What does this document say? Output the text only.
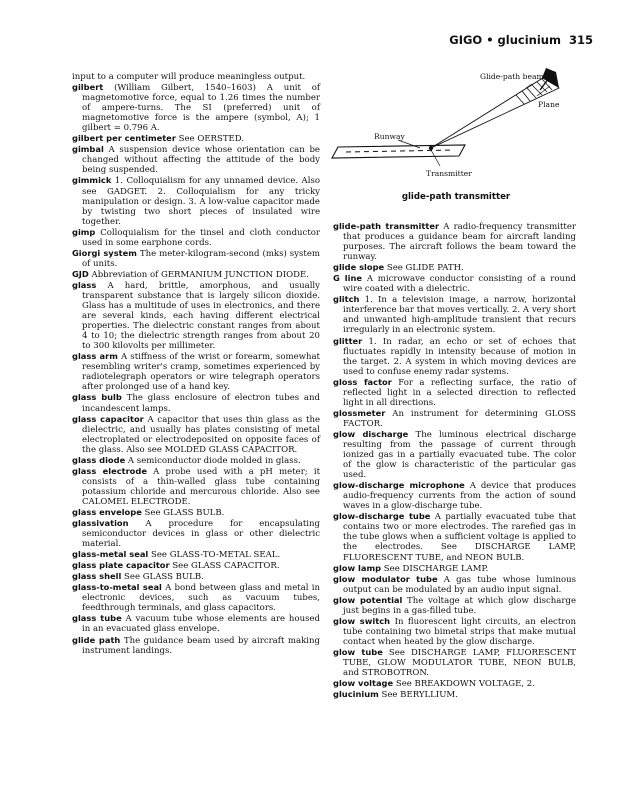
GIGO • glucinium 315
Glide-path beam
Plane
Runway
Transmitter
glide-path transmitter

input to a computer will produce meaningless output.

gilbert (William Gilbert, 1540–1603) A unit of magnetomotive force, equal to 1.26 times the number of ampere-turns. The SI (preferred) unit of magnetomotive force is the ampere (symbol, A); 1 gilbert = 0.796 A.

gilbert per centimeter See OERSTED.

gimbal A suspension device whose orientation can be changed without affecting the attitude of the body being suspended.

gimmick 1. Colloquialism for any unnamed device. Also see GADGET. 2. Colloquialism for any tricky manipulation or design. 3. A low-value capacitor made by twisting two short pieces of insulated wire together.

gimp Colloquialism for the tinsel and cloth conductor used in some earphone cords.

Giorgi system The meter-kilogram-second (mks) system of units.

GJD Abbreviation of GERMANIUM JUNCTION DIODE.

glass A hard, brittle, amorphous, and usually transparent substance that is largely silicon dioxide. Glass has a multitude of uses in electronics, and there are several kinds, each having different electrical properties. The dielectric constant ranges from about 4 to 10; the dielectric strength ranges from about 20 to 300 kilovolts per millimeter.

glass arm A stiffness of the wrist or forearm, somewhat resembling writer's cramp, sometimes experienced by radiotelegraph operators or wire telegraph operators after prolonged use of a hand key.

glass bulb The glass enclosure of electron tubes and incandescent lamps.

glass capacitor A capacitor that uses thin glass as the dielectric, and usually has plates consisting of metal electroplated or electrodeposited on opposite faces of the glass. Also see MOLDED GLASS CAPACITOR.

glass diode A semiconductor diode molded in glass.

glass electrode A probe used with a pH meter; it consists of a thin-walled glass tube containing potassium chloride and mercurous chloride. Also see CALOMEL ELECTRODE.

glass envelope See GLASS BULB.

glassivation A procedure for encapsulating semiconductor devices in glass or other dielectric material.

glass-metal seal See GLASS-TO-METAL SEAL.

glass plate capacitor See GLASS CAPACITOR.

glass shell See GLASS BULB.

glass-to-metal seal A bond between glass and metal in electronic devices, such as vacuum tubes, feedthrough terminals, and glass capacitors.

glass tube A vacuum tube whose elements are housed in an evacuated glass envelope.

glide path The guidance beam used by aircraft making instrument landings.

glide-path transmitter A radio-frequency transmitter that produces a guidance beam for aircraft landing purposes. The aircraft follows the beam toward the runway.

glide slope See GLIDE PATH.

G line A microwave conductor consisting of a round wire coated with a dielectric.

glitch 1. In a television image, a narrow, horizontal interference bar that moves vertically. 2. A very short and unwanted high-amplitude transient that recurs irregularly in an electronic system.

glitter 1. In radar, an echo or set of echoes that fluctuates rapidly in intensity because of motion in the target. 2. A system in which moving devices are used to confuse enemy radar systems.

gloss factor For a reflecting surface, the ratio of reflected light in a selected direction to reflected light in all directions.

glossmeter An instrument for determining GLOSS FACTOR.

glow discharge The luminous electrical discharge resulting from the passage of current through ionized gas in a partially evacuated tube. The color of the glow is characteristic of the particular gas used.

glow-discharge microphone A device that produces audio-frequency currents from the action of sound waves in a glow-discharge tube.

glow-discharge tube A partially evacuated tube that contains two or more electrodes. The rarefied gas in the tube glows when a sufficient voltage is applied to the electrodes. See DISCHARGE LAMP, FLUORESCENT TUBE, and NEON BULB.

glow lamp See DISCHARGE LAMP.

glow modulator tube A gas tube whose luminous output can be modulated by an audio input signal.

glow potential The voltage at which glow discharge just begins in a gas-filled tube.

glow switch In fluorescent light circuits, an electron tube containing two bimetal strips that make mutual contact when heated by the glow discharge.

glow tube See DISCHARGE LAMP, FLUORESCENT TUBE, GLOW MODULATOR TUBE, NEON BULB, and STROBOTRON.

glow voltage See BREAKDOWN VOLTAGE, 2.

glucinium See BERYLLIUM.
